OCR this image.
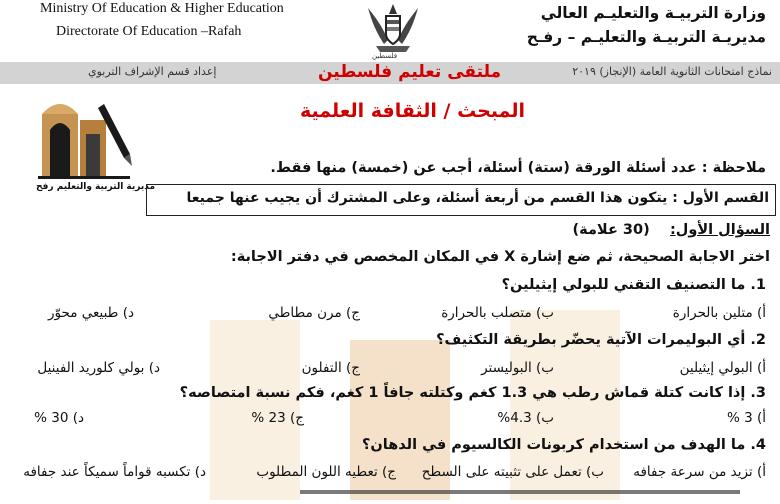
Ministry Of Education & Higher Education
Directorate Of Education –Rafah
فلسطين
وزارة التربيـة والتعليـم العالي
مديريـة التربيـة والتعليـم – رفـح
نماذج امتحانات الثانوية العامة (الإنجاز) ٢٠١٩
ملتقى تعليم فلسطين
إعداد قسم الإشراف التربوي
المبحث / الثقافة العلمية
مديرية التربية والتعليم رفح
ملاحظة : عدد أسئلة الورقة (ستة) أسئلة، أجب عن (خمسة) منها فقط.
القسم الأول : يتكون هذا القسم من أربعة أسئلة، وعلى المشترك أن يجيب عنها جميعا
السؤال الأول:    (30 علامة)
اختر الاجابة الصحيحة، ثم ضع إشارة X في المكان المخصص في دفتر الاجابة:
1. ما التصنيف التقني للبولي إيثيلين؟
أ) متلين بالحرارة
ب) متصلب بالحرارة
ج) مرن مطاطي
د) طبيعي محوّر
2. أي البوليمرات الآتية يحضّر بطريقة التكثيف؟
أ) البولي إيثيلين
ب) البوليستر
ج) التفلون
د) بولي كلوريد الفينيل
3. إذا كانت كتلة قماش رطب هي 1.3 كغم وكتلته جافاً 1 كغم، فكم نسبة امتصاصه؟
أ) 3 %
ب) 4.3%
ج) 23 %
د) 30 %
4. ما الهدف من استخدام كربونات الكالسيوم في الدهان؟
أ) تزيد من سرعة جفافه
ب) تعمل على تثبيته على السطح
ج) تعطيه اللون المطلوب
د) تكسبه قواماً سميكاً عند جفافه
